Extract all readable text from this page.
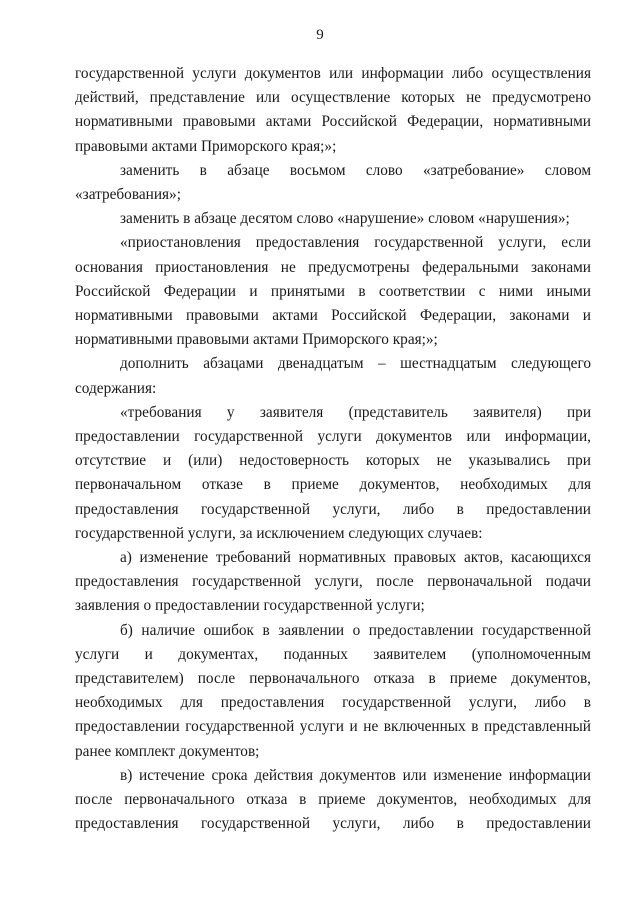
9

государственной услуги документов или информации либо осуществления действий, представление или осуществление которых не предусмотрено нормативными правовыми актами Российской Федерации, нормативными правовыми актами Приморского края;»;

заменить в абзаце восьмом слово «затребование» словом «затребования»;

заменить в абзаце десятом слово «нарушение» словом «нарушения»;

«приостановления предоставления государственной услуги, если основания приостановления не предусмотрены федеральными законами Российской Федерации и принятыми в соответствии с ними иными нормативными правовыми актами Российской Федерации, законами и нормативными правовыми актами Приморского края;»;

дополнить абзацами двенадцатым – шестнадцатым следующего содержания:

«требования у заявителя (представитель заявителя) при предоставлении государственной услуги документов или информации, отсутствие и (или) недостоверность которых не указывались при первоначальном отказе в приеме документов, необходимых для предоставления государственной услуги, либо в предоставлении государственной услуги, за исключением следующих случаев:

а) изменение требований нормативных правовых актов, касающихся предоставления государственной услуги, после первоначальной подачи заявления о предоставлении государственной услуги;

б) наличие ошибок в заявлении о предоставлении государственной услуги и документах, поданных заявителем (уполномоченным представителем) после первоначального отказа в приеме документов, необходимых для предоставления государственной услуги, либо в предоставлении государственной услуги и не включенных в представленный ранее комплект документов;

в) истечение срока действия документов или изменение информации после первоначального отказа в приеме документов, необходимых для предоставления государственной услуги, либо в предоставлении
